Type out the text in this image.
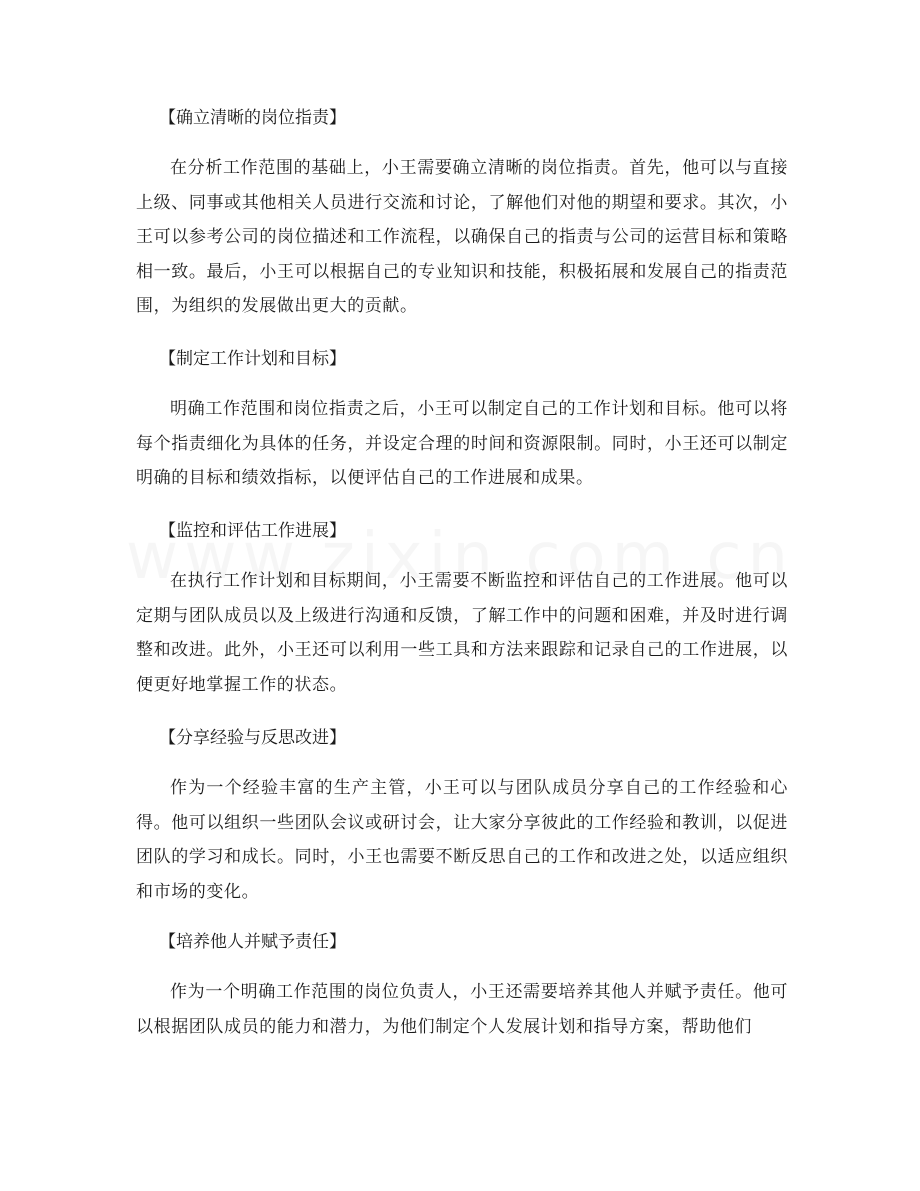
【确立清晰的岗位指责】

在分析工作范围的基础上，小王需要确立清晰的岗位指责。首先，他可以与直接上级、同事或其他相关人员进行交流和讨论，了解他们对他的期望和要求。其次，小王可以参考公司的岗位描述和工作流程，以确保自己的指责与公司的运营目标和策略相一致。最后，小王可以根据自己的专业知识和技能，积极拓展和发展自己的指责范围，为组织的发展做出更大的贡献。

【制定工作计划和目标】

明确工作范围和岗位指责之后，小王可以制定自己的工作计划和目标。他可以将每个指责细化为具体的任务，并设定合理的时间和资源限制。同时，小王还可以制定明确的目标和绩效指标，以便评估自己的工作进展和成果。

【监控和评估工作进展】

在执行工作计划和目标期间，小王需要不断监控和评估自己的工作进展。他可以定期与团队成员以及上级进行沟通和反馈，了解工作中的问题和困难，并及时进行调整和改进。此外，小王还可以利用一些工具和方法来跟踪和记录自己的工作进展，以便更好地掌握工作的状态。

【分享经验与反思改进】

作为一个经验丰富的生产主管，小王可以与团队成员分享自己的工作经验和心得。他可以组织一些团队会议或研讨会，让大家分享彼此的工作经验和教训，以促进团队的学习和成长。同时，小王也需要不断反思自己的工作和改进之处，以适应组织和市场的变化。

【培养他人并赋予责任】

作为一个明确工作范围的岗位负责人，小王还需要培养其他人并赋予责任。他可以根据团队成员的能力和潜力，为他们制定个人发展计划和指导方案，帮助他们
